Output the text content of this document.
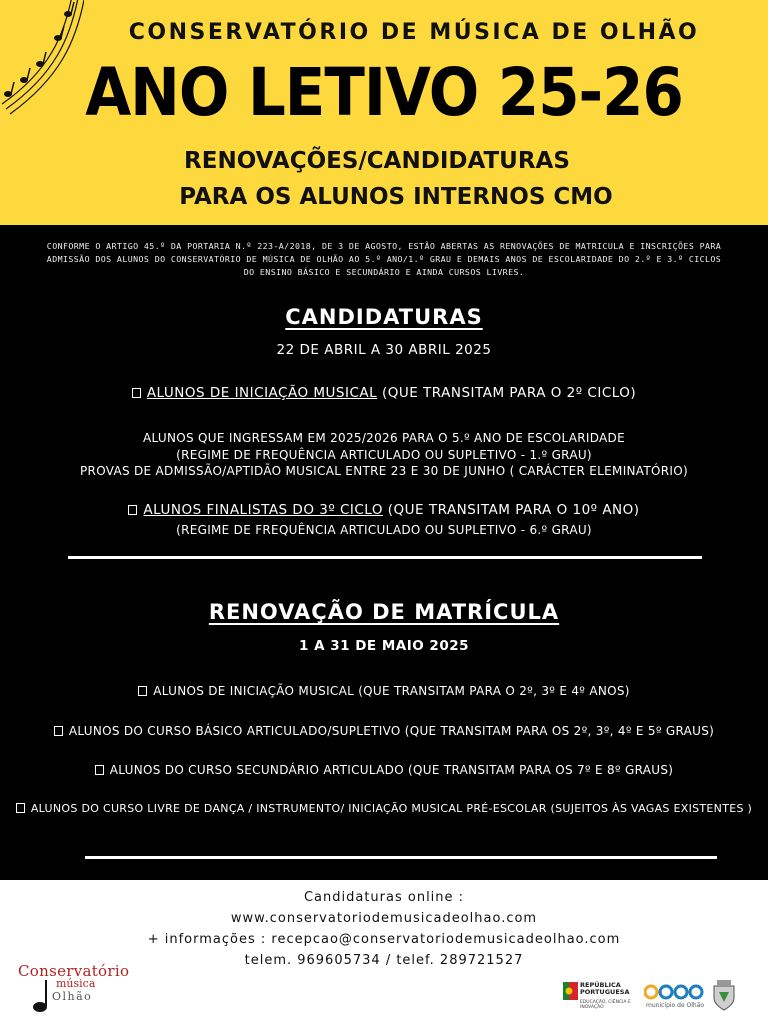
CONSERVATÓRIO DE MÚSICA DE OLHÃO
ANO LETIVO 25-26
RENOVAÇÕES/CANDIDATURAS
PARA OS ALUNOS INTERNOS CMO
CONFORME O ARTIGO 45.º DA PORTARIA N.º 223-A/2018, DE 3 DE AGOSTO, ESTÃO ABERTAS AS RENOVAÇÕES DE MATRICULA E INSCRIÇÕES PARA
ADMISSÃO DOS ALUNOS DO CONSERVATÓRIO DE MÚSICA DE OLHÃO AO 5.º ANO/1.º GRAU E DEMAIS ANOS DE ESCOLARIDADE DO 2.º E 3.º CICLOS
DO ENSINO BÁSICO E SECUNDÁRIO E AINDA CURSOS LIVRES.
CANDIDATURAS
22 DE ABRIL A 30 ABRIL 2025
ALUNOS DE INICIAÇÃO MUSICAL (QUE TRANSITAM PARA O 2º CICLO)
ALUNOS QUE INGRESSAM EM 2025/2026 PARA O 5.º ANO DE ESCOLARIDADE
(REGIME DE FREQUÊNCIA ARTICULADO OU SUPLETIVO - 1.º GRAU)
PROVAS DE ADMISSÃO/APTIDÃO MUSICAL ENTRE 23 E 30 DE JUNHO ( CARÁCTER ELEMINATÓRIO)
ALUNOS FINALISTAS DO 3º CICLO (QUE TRANSITAM PARA O 10º ANO)
(REGIME DE FREQUÊNCIA ARTICULADO OU SUPLETIVO - 6.º GRAU)
RENOVAÇÃO DE MATRÍCULA
1 A 31 DE MAIO 2025
ALUNOS DE INICIAÇÃO MUSICAL (QUE TRANSITAM PARA O 2º, 3º E 4º ANOS)
ALUNOS DO CURSO BÁSICO ARTICULADO/SUPLETIVO (QUE TRANSITAM PARA OS 2º, 3º, 4º E 5º GRAUS)
ALUNOS DO CURSO SECUNDÁRIO ARTICULADO (QUE TRANSITAM PARA OS 7º E 8º GRAUS)
ALUNOS DO CURSO LIVRE DE DANÇA / INSTRUMENTO/ INICIAÇÃO MUSICAL PRÉ-ESCOLAR (SUJEITOS ÀS VAGAS EXISTENTES )
Candidaturas online :
www.conservatoriodemusicadeolhao.com
+ informações : recepcao@conservatoriodemusicadeolhao.com
telem. 969605734 / telef. 289721527
Conservatório
música
Olhão
REPÚBLICA PORTUGUESA
EDUCAÇÃO, CIÊNCIA E INOVAÇÃO	município de Olhão
